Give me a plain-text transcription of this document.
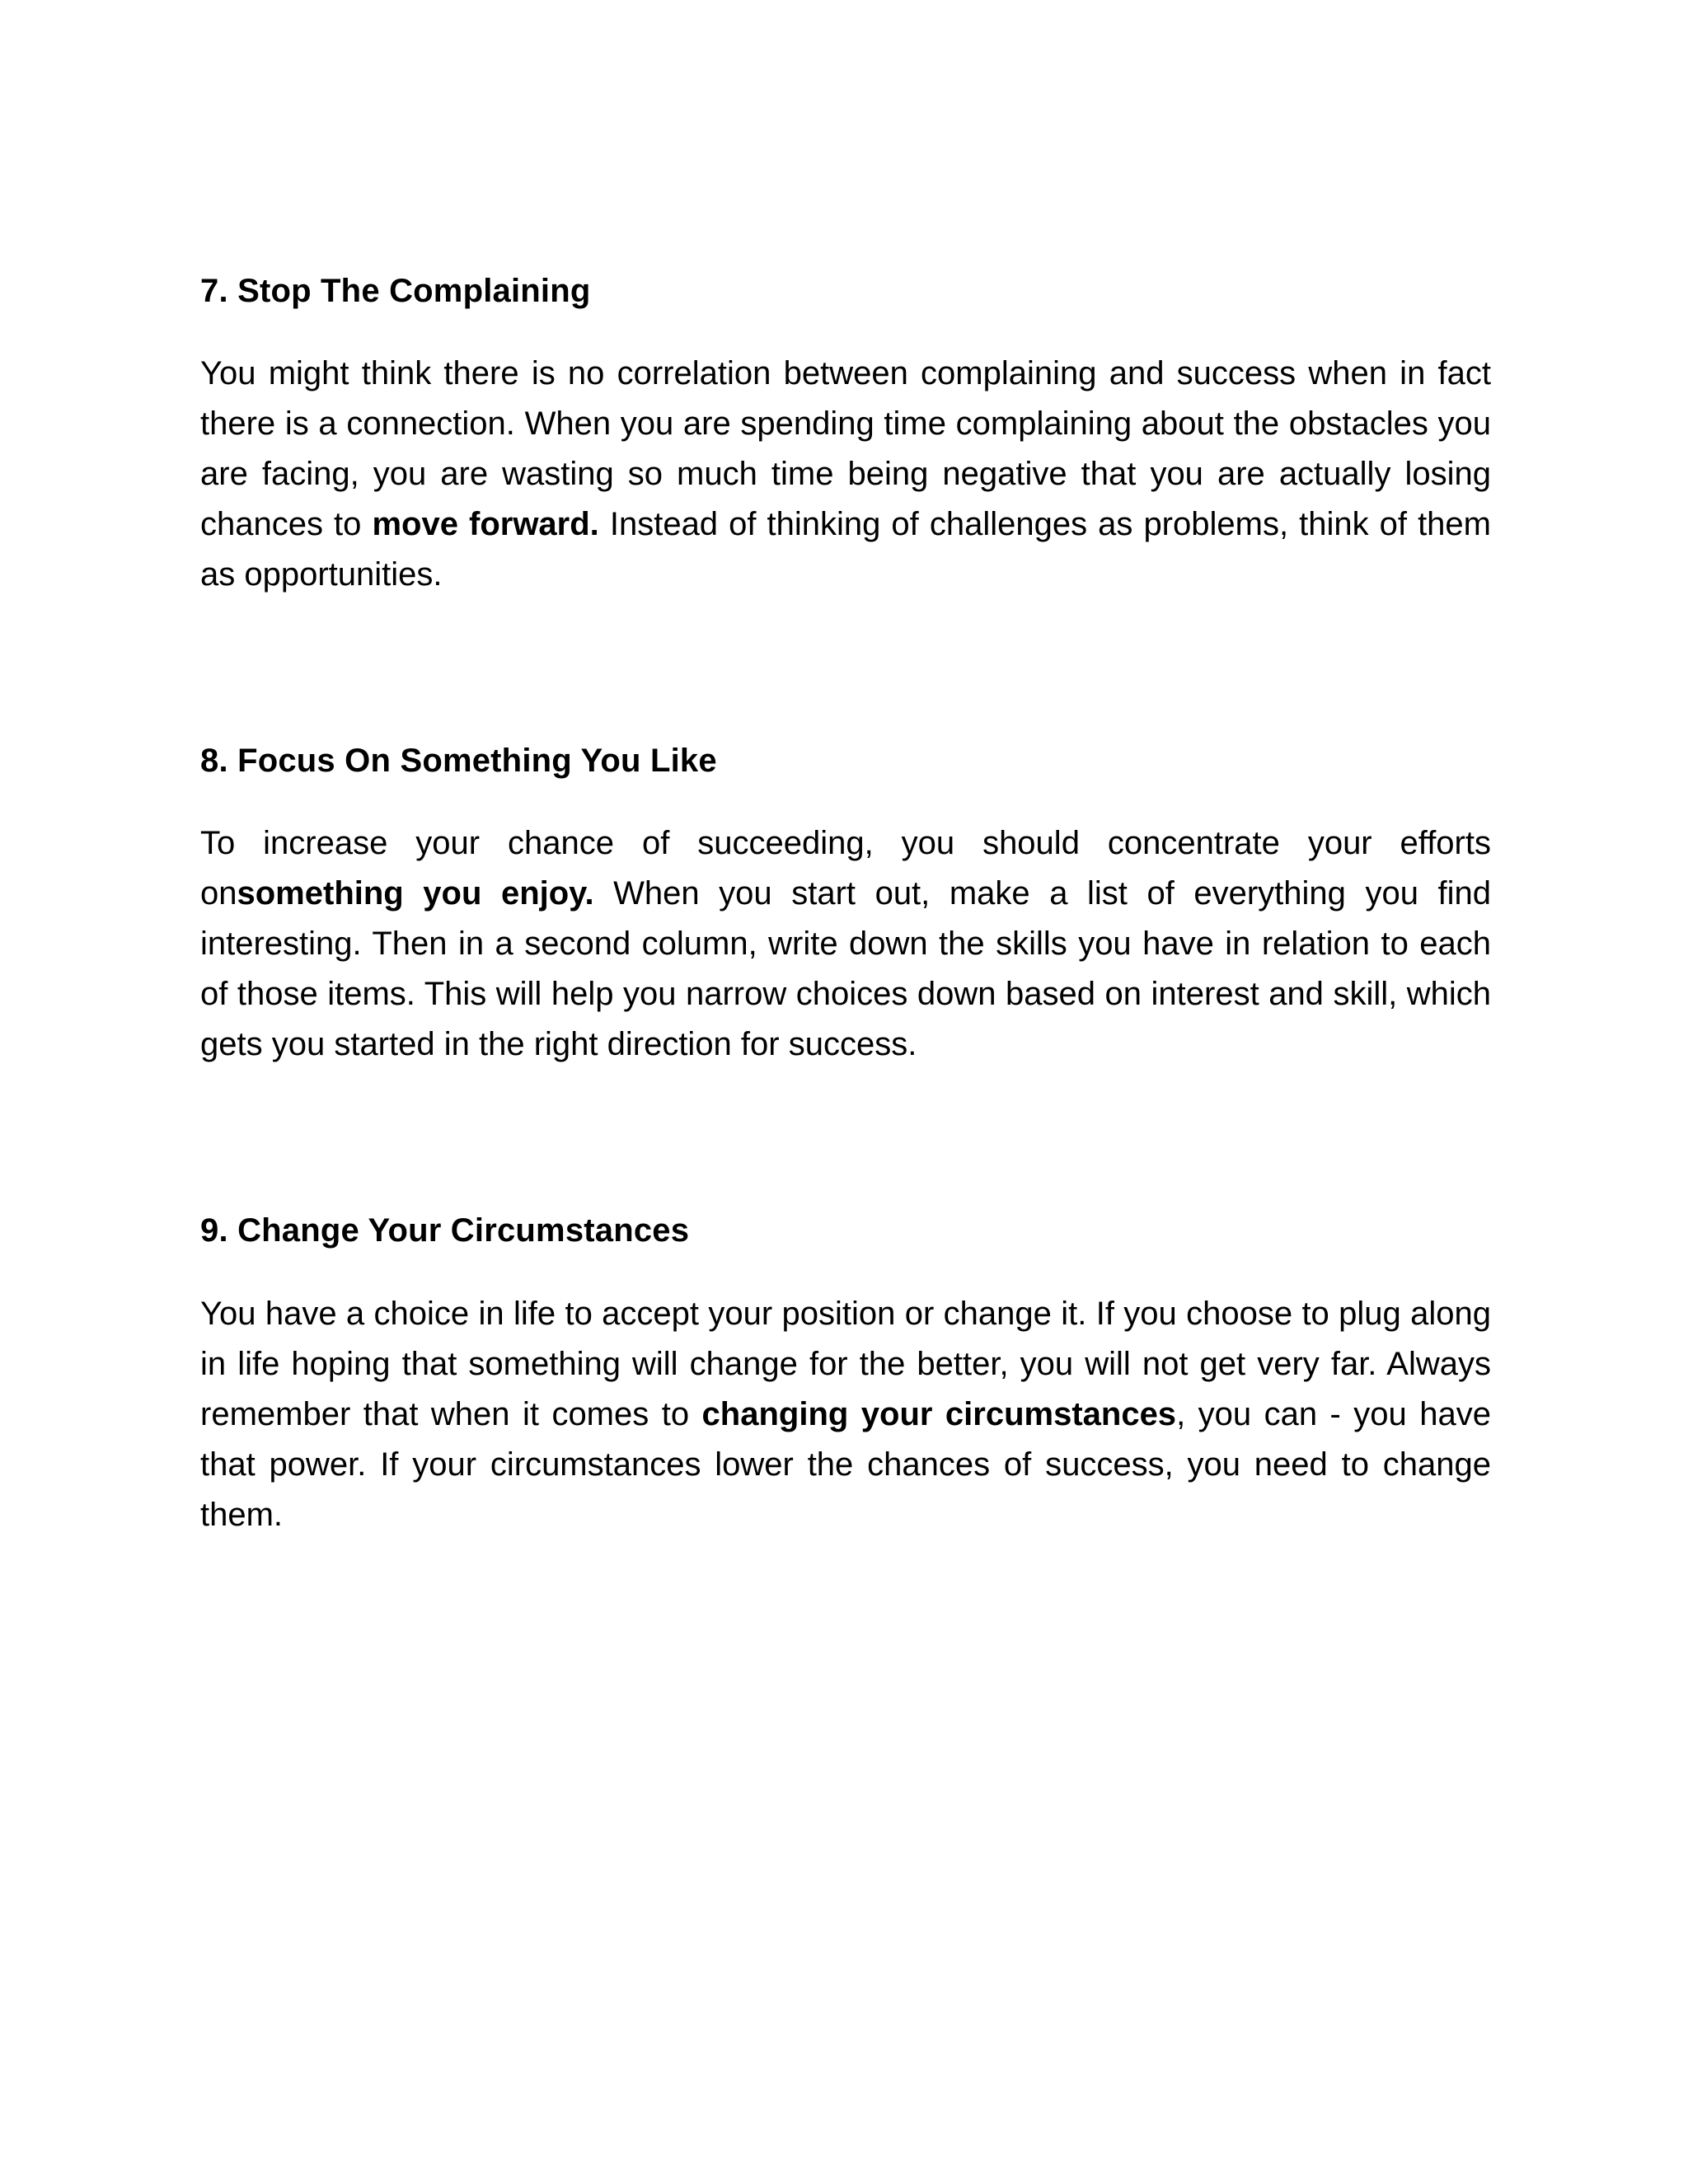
7. Stop The Complaining

You might think there is no correlation between complaining and success when in fact there is a connection. When you are spending time complaining about the obstacles you are facing, you are wasting so much time being negative that you are actually losing chances to move forward. Instead of thinking of challenges as problems, think of them as opportunities.

8. Focus On Something You Like

To increase your chance of succeeding, you should concentrate your efforts onsomething you enjoy. When you start out, make a list of everything you find interesting. Then in a second column, write down the skills you have in relation to each of those items. This will help you narrow choices down based on interest and skill, which gets you started in the right direction for success.

9. Change Your Circumstances

You have a choice in life to accept your position or change it. If you choose to plug along in life hoping that something will change for the better, you will not get very far. Always remember that when it comes to changing your circumstances, you can - you have that power. If your circumstances lower the chances of success, you need to change them.
